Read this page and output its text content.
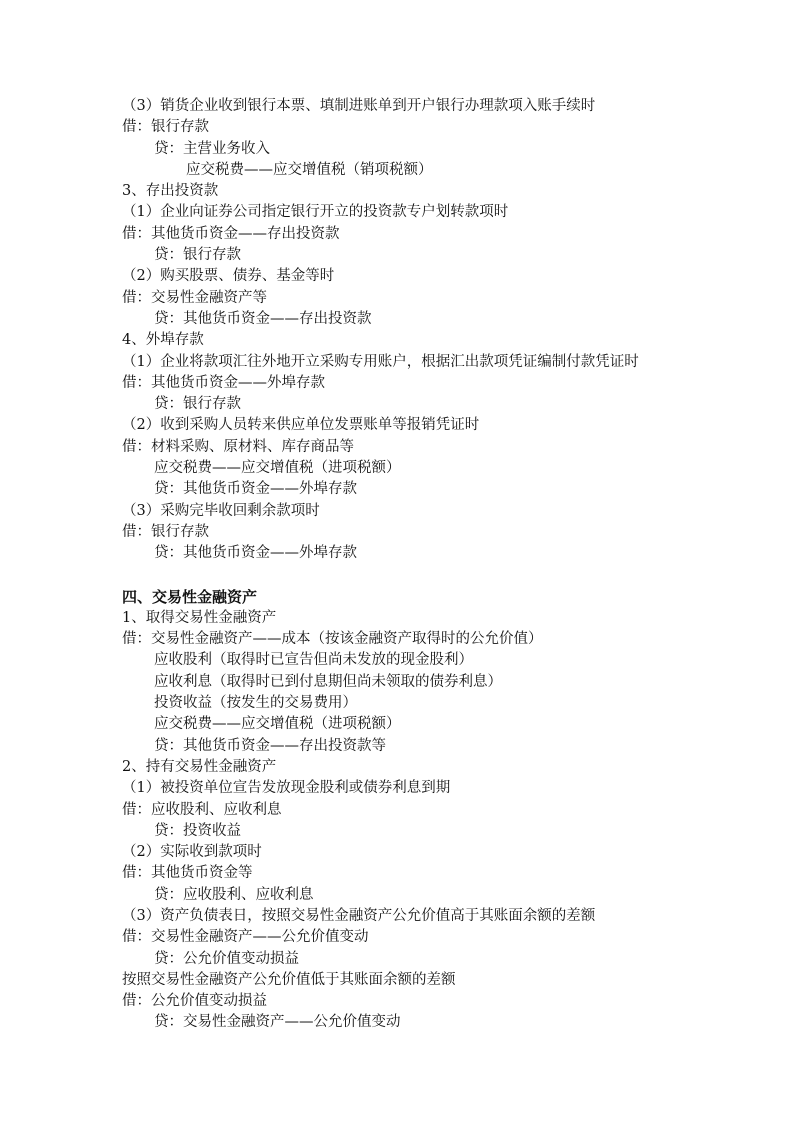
（3）销货企业收到银行本票、填制进账单到开户银行办理款项入账手续时
借：银行存款
贷：主营业务收入
应交税费——应交增值税（销项税额）
3、存出投资款
（1）企业向证券公司指定银行开立的投资款专户划转款项时
借：其他货币资金——存出投资款
贷：银行存款
（2）购买股票、债券、基金等时
借：交易性金融资产等
贷：其他货币资金——存出投资款
4、外埠存款
（1）企业将款项汇往外地开立采购专用账户，根据汇出款项凭证编制付款凭证时
借：其他货币资金——外埠存款
贷：银行存款
（2）收到采购人员转来供应单位发票账单等报销凭证时
借：材料采购、原材料、库存商品等
应交税费——应交增值税（进项税额）
贷：其他货币资金——外埠存款
（3）采购完毕收回剩余款项时
借：银行存款
贷：其他货币资金——外埠存款
四、交易性金融资产
1、取得交易性金融资产
借：交易性金融资产——成本（按该金融资产取得时的公允价值）
应收股利（取得时已宣告但尚未发放的现金股利）
应收利息（取得时已到付息期但尚未领取的债券利息）
投资收益（按发生的交易费用）
应交税费——应交增值税（进项税额）
贷：其他货币资金——存出投资款等
2、持有交易性金融资产
（1）被投资单位宣告发放现金股利或债券利息到期
借：应收股利、应收利息
贷：投资收益
（2）实际收到款项时
借：其他货币资金等
贷：应收股利、应收利息
（3）资产负债表日，按照交易性金融资产公允价值高于其账面余额的差额
借：交易性金融资产——公允价值变动
贷：公允价值变动损益
按照交易性金融资产公允价值低于其账面余额的差额
借：公允价值变动损益
贷：交易性金融资产——公允价值变动
